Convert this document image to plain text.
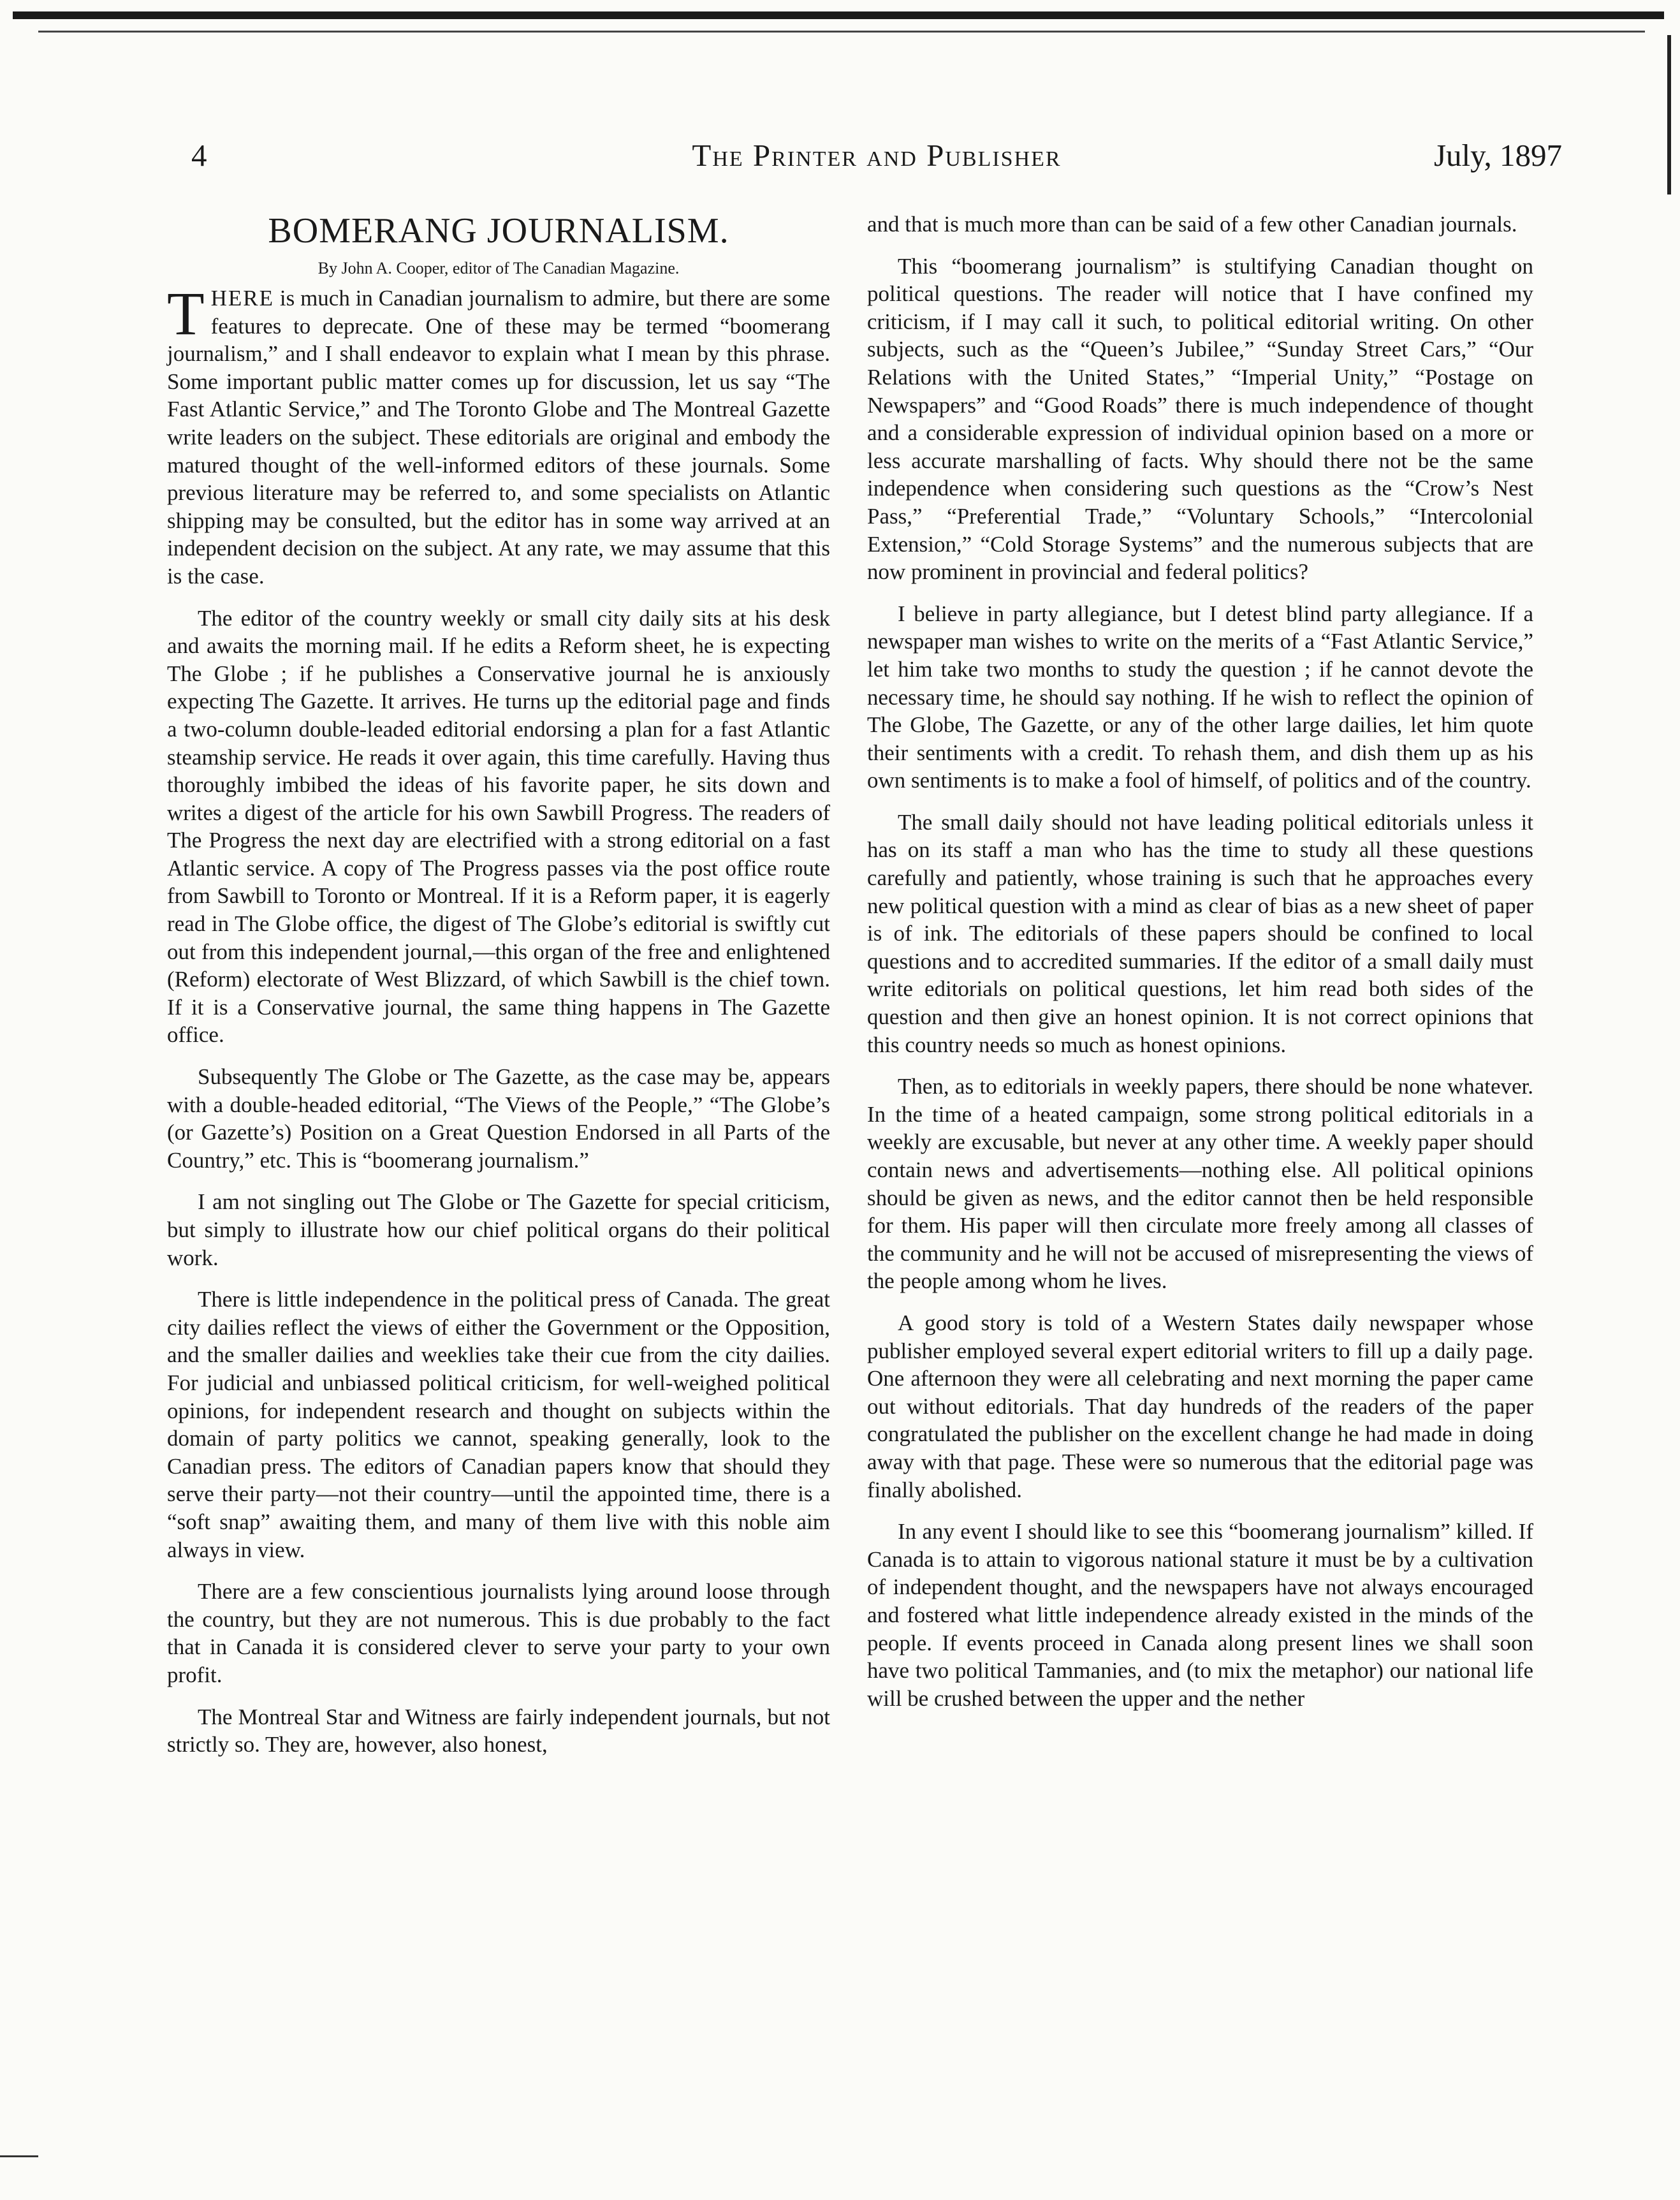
4	The Printer and Publisher	July, 1897
BOMERANG JOURNALISM.
By John A. Cooper, editor of The Canadian Magazine.

THERE is much in Canadian journalism to admire, but there are some features to deprecate. One of these may be termed “boomerang journalism,” and I shall endeavor to explain what I mean by this phrase. Some important public matter comes up for discussion, let us say “The Fast Atlantic Service,” and The Toronto Globe and The Montreal Gazette write leaders on the subject. These editorials are original and embody the matured thought of the well-informed editors of these journals. Some previous literature may be referred to, and some specialists on Atlantic shipping may be consulted, but the editor has in some way arrived at an independent decision on the subject. At any rate, we may assume that this is the case.

The editor of the country weekly or small city daily sits at his desk and awaits the morning mail. If he edits a Reform sheet, he is expecting The Globe ; if he publishes a Conservative journal he is anxiously expecting The Gazette. It arrives. He turns up the editorial page and finds a two-column double-leaded editorial endorsing a plan for a fast Atlantic steamship service. He reads it over again, this time carefully. Having thus thoroughly imbibed the ideas of his favorite paper, he sits down and writes a digest of the article for his own Sawbill Progress. The readers of The Progress the next day are electrified with a strong editorial on a fast Atlantic service. A copy of The Progress passes via the post office route from Sawbill to Toronto or Montreal. If it is a Reform paper, it is eagerly read in The Globe office, the digest of The Globe’s editorial is swiftly cut out from this independent journal,—this organ of the free and enlightened (Reform) electorate of West Blizzard, of which Sawbill is the chief town. If it is a Conservative journal, the same thing happens in The Gazette office.

Subsequently The Globe or The Gazette, as the case may be, appears with a double-headed editorial, “The Views of the People,” “The Globe’s (or Gazette’s) Position on a Great Question Endorsed in all Parts of the Country,” etc. This is “boomerang journalism.”

I am not singling out The Globe or The Gazette for special criticism, but simply to illustrate how our chief political organs do their political work.

There is little independence in the political press of Canada. The great city dailies reflect the views of either the Government or the Opposition, and the smaller dailies and weeklies take their cue from the city dailies. For judicial and unbiassed political criticism, for well-weighed political opinions, for independent research and thought on subjects within the domain of party politics we cannot, speaking generally, look to the Canadian press. The editors of Canadian papers know that should they serve their party—not their country—until the appointed time, there is a “soft snap” awaiting them, and many of them live with this noble aim always in view.

There are a few conscientious journalists lying around loose through the country, but they are not numerous. This is due probably to the fact that in Canada it is considered clever to serve your party to your own profit.

The Montreal Star and Witness are fairly independent journals, but not strictly so. They are, however, also honest,

and that is much more than can be said of a few other Canadian journals.

This “boomerang journalism” is stultifying Canadian thought on political questions. The reader will notice that I have confined my criticism, if I may call it such, to political editorial writing. On other subjects, such as the “Queen’s Jubilee,” “Sunday Street Cars,” “Our Relations with the United States,” “Imperial Unity,” “Postage on Newspapers” and “Good Roads” there is much independence of thought and a considerable expression of individual opinion based on a more or less accurate marshalling of facts. Why should there not be the same independence when considering such questions as the “Crow’s Nest Pass,” “Preferential Trade,” “Voluntary Schools,” “Intercolonial Extension,” “Cold Storage Systems” and the numerous subjects that are now prominent in provincial and federal politics?

I believe in party allegiance, but I detest blind party allegiance. If a newspaper man wishes to write on the merits of a “Fast Atlantic Service,” let him take two months to study the question ; if he cannot devote the necessary time, he should say nothing. If he wish to reflect the opinion of The Globe, The Gazette, or any of the other large dailies, let him quote their sentiments with a credit. To rehash them, and dish them up as his own sentiments is to make a fool of himself, of politics and of the country.

The small daily should not have leading political editorials unless it has on its staff a man who has the time to study all these questions carefully and patiently, whose training is such that he approaches every new political question with a mind as clear of bias as a new sheet of paper is of ink. The editorials of these papers should be confined to local questions and to accredited summaries. If the editor of a small daily must write editorials on political questions, let him read both sides of the question and then give an honest opinion. It is not correct opinions that this country needs so much as honest opinions.

Then, as to editorials in weekly papers, there should be none whatever. In the time of a heated campaign, some strong political editorials in a weekly are excusable, but never at any other time. A weekly paper should contain news and advertisements—nothing else. All political opinions should be given as news, and the editor cannot then be held responsible for them. His paper will then circulate more freely among all classes of the community and he will not be accused of misrepresenting the views of the people among whom he lives.

A good story is told of a Western States daily newspaper whose publisher employed several expert editorial writers to fill up a daily page. One afternoon they were all celebrating and next morning the paper came out without editorials. That day hundreds of the readers of the paper congratulated the publisher on the excellent change he had made in doing away with that page. These were so numerous that the editorial page was finally abolished.

In any event I should like to see this “boomerang journalism” killed. If Canada is to attain to vigorous national stature it must be by a cultivation of independent thought, and the newspapers have not always encouraged and fostered what little independence already existed in the minds of the people. If events proceed in Canada along present lines we shall soon have two political Tammanies, and (to mix the metaphor) our national life will be crushed between the upper and the nether
